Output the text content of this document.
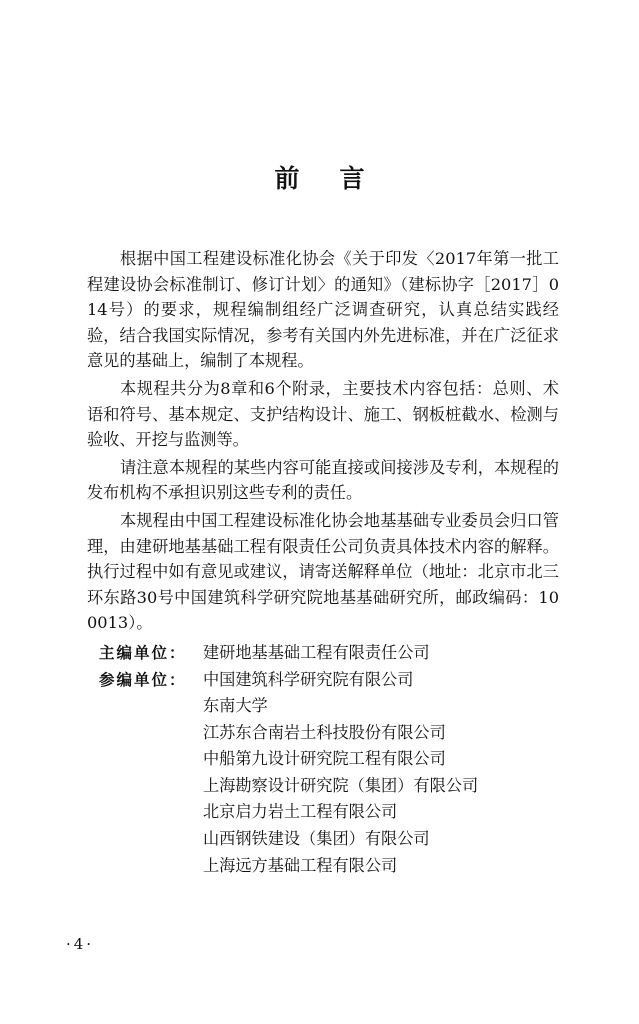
前言

根据中国工程建设标准化协会《关于印发〈2017年第一批工程建设协会标准制订、修订计划〉的通知》（建标协字［2017］014号）的要求，规程编制组经广泛调查研究，认真总结实践经验，结合我国实际情况，参考有关国内外先进标准，并在广泛征求意见的基础上，编制了本规程。

本规程共分为8章和6个附录，主要技术内容包括：总则、术语和符号、基本规定、支护结构设计、施工、钢板桩截水、检测与验收、开挖与监测等。

请注意本规程的某些内容可能直接或间接涉及专利，本规程的发布机构不承担识别这些专利的责任。

本规程由中国工程建设标准化协会地基基础专业委员会归口管理，由建研地基基础工程有限责任公司负责具体技术内容的解释。执行过程中如有意见或建议，请寄送解释单位（地址：北京市北三环东路30号中国建筑科学研究院地基基础研究所，邮政编码：100013）。

主编单位：	建研地基基础工程有限责任公司
参编单位：	中国建筑科学研究院有限公司
东南大学
江苏东合南岩土科技股份有限公司
中船第九设计研究院工程有限公司
上海勘察设计研究院（集团）有限公司
北京启力岩土工程有限公司
山西钢铁建设（集团）有限公司
上海远方基础工程有限公司
·4·
